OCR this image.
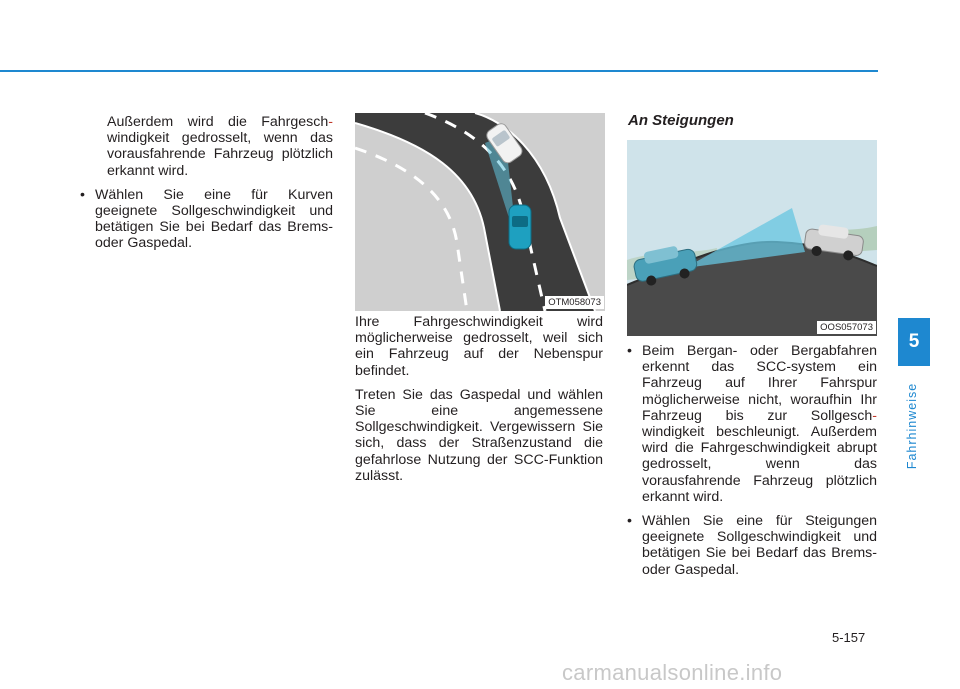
Außerdem wird die Fahrgesch-windigkeit gedrosselt, wenn das vorausfahrende Fahrzeug plötzlich erkannt wird.

• Wählen Sie eine für Kurven geeignete Sollgeschwindigkeit und betätigen Sie bei Bedarf das Brems- oder Gaspedal.
OTM058073

Ihre Fahrgeschwindigkeit wird möglicherweise gedrosselt, weil sich ein Fahrzeug auf der Nebenspur befindet.

Treten Sie das Gaspedal und wählen Sie eine angemessene Sollgeschwindigkeit. Vergewissern Sie sich, dass der Straßenzustand die gefahrlose Nutzung der SCC-Funktion zulässt.

An Steigungen
OOS057073
• Beim Bergan- oder Bergabfahren erkennt das SCC-system ein Fahrzeug auf Ihrer Fahrspur möglicherweise nicht, woraufhin Ihr Fahrzeug bis zur Sollgesch-windigkeit beschleunigt. Außerdem wird die Fahrgeschwindigkeit abrupt gedrosselt, wenn das vorausfahrende Fahrzeug plötzlich erkannt wird.
• Wählen Sie eine für Steigungen geeignete Sollgeschwindigkeit und betätigen Sie bei Bedarf das Brems- oder Gaspedal.
5
Fahrhinweise
5-157
carmanualsonline.info
